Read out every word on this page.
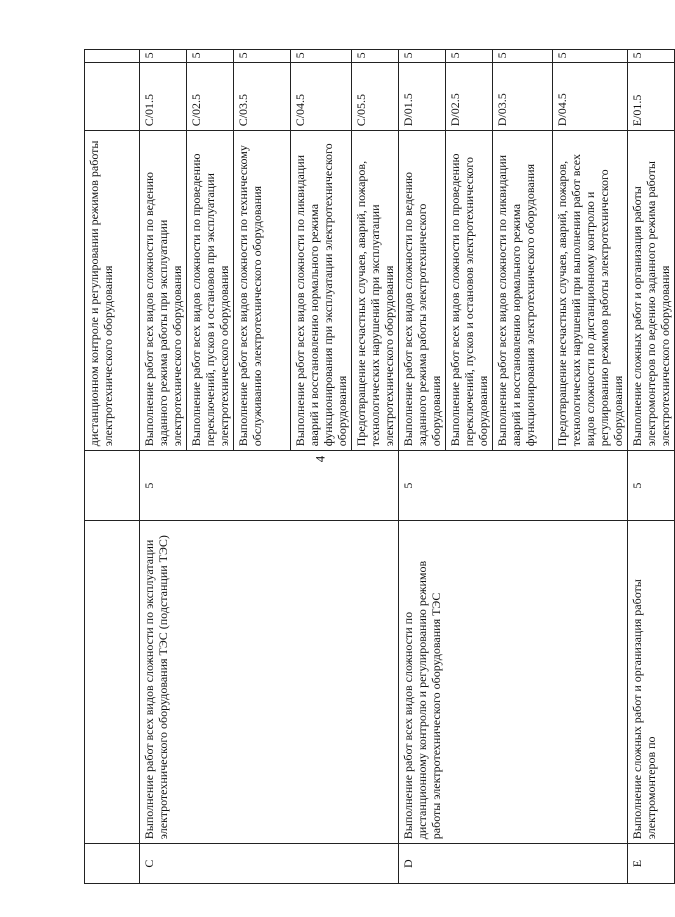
4
			дистанционном контроле и регулировании режимов работы электротехнического оборудования		
C	Выполнение работ всех видов сложности по эксплуатации электротехнического оборудования ТЭС (подстанции ТЭС)	5	Выполнение работ всех видов сложности по ведению заданного режима работы при эксплуатации электротехнического оборудования	C/01.5	5
			Выполнение работ всех видов сложности по проведению переключений, пусков и остановов при эксплуатации электротехнического оборудования	C/02.5	5
			Выполнение работ всех видов сложности по техническому обслуживанию электротехнического оборудования	C/03.5	5
			Выполнение работ всех видов сложности по ликвидации аварий и восстановлению нормального режима функционирования при эксплуатации электротехнического оборудования	C/04.5	5
			Предотвращение несчастных случаев, аварий, пожаров, технологических нарушений при эксплуатации электротехнического оборудования	C/05.5	5
D	Выполнение работ всех видов сложности по дистанционному контролю и регулированию режимов работы электротехнического оборудования ТЭС	5	Выполнение работ всех видов сложности по ведению заданного режима работы электротехнического оборудования	D/01.5	5
			Выполнение работ всех видов сложности по проведению переключений, пусков и остановов электротехнического оборудования	D/02.5	5
			Выполнение работ всех видов сложности по ликвидации аварий и восстановлению нормального режима функционирования электротехнического оборудования	D/03.5	5
			Предотвращение несчастных случаев, аварий, пожаров, технологических нарушений при выполнении работ всех видов сложности по дистанционному контролю и регулированию режимов работы электротехнического оборудования	D/04.5	5
E	Выполнение сложных работ и организация работы электромонтеров по	5	Выполнение сложных работ и организация работы электромонтеров по ведению заданного режима работы электротехнического оборудования	E/01.5	5
